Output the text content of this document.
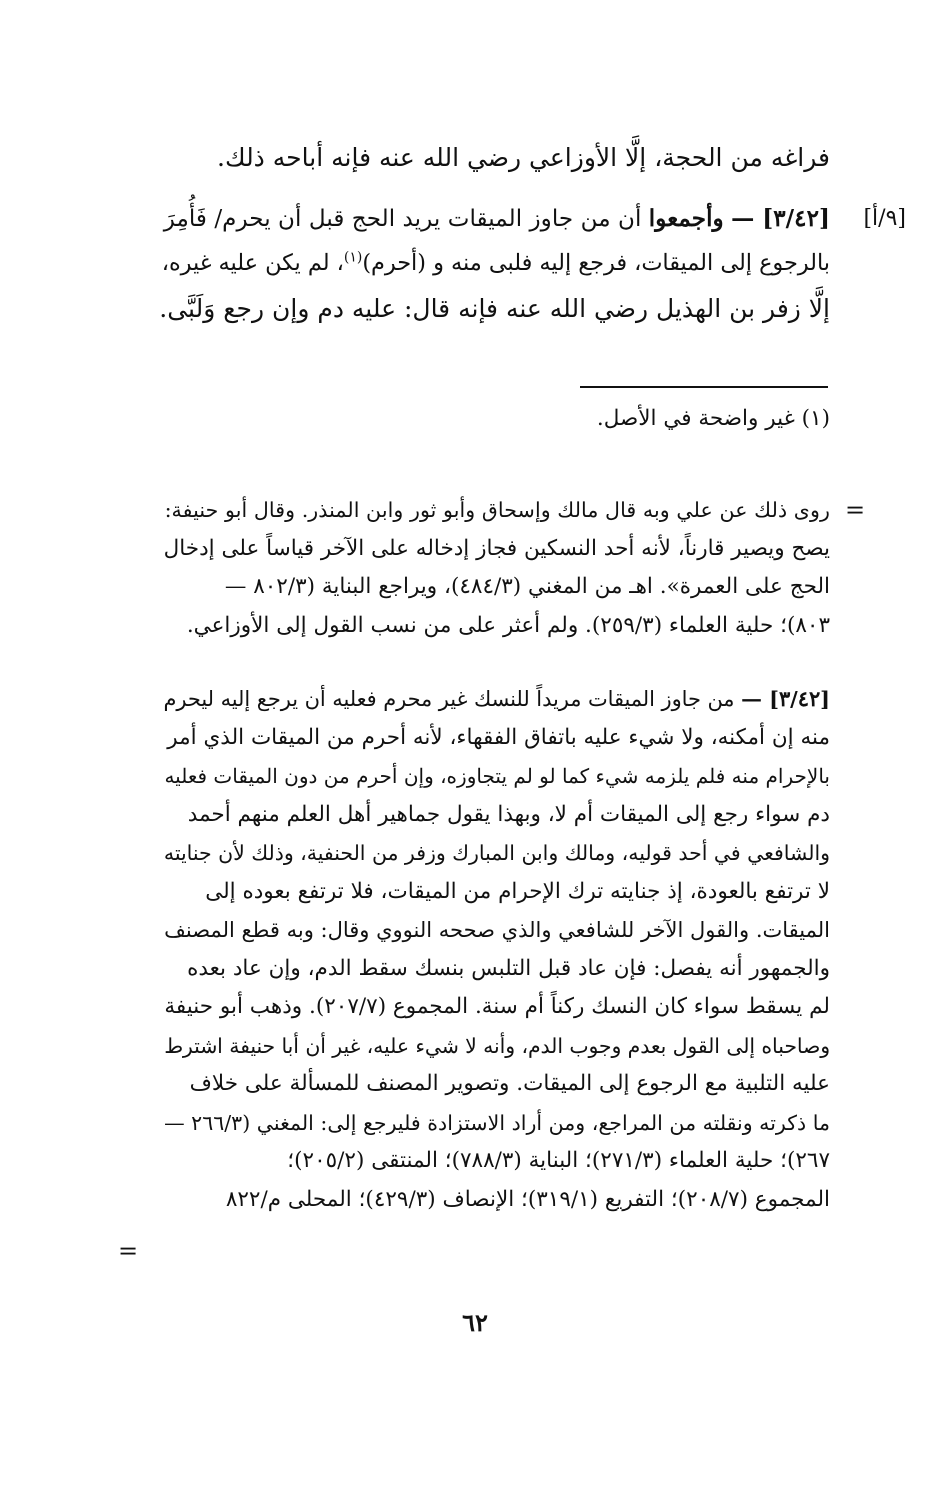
فراغه من الحجة، إلَّا الأوزاعي رضي الله عنه فإنه أباحه ذلك.

[٩/أ]

[٣/٤٢] — وأجمعوا أن من جاوز الميقات يريد الحج قبل أن يحرم/ فَأُمِرَ
بالرجوع إلى الميقات، فرجع إليه فلبى منه و (أحرم)$^{(١)}$، لم يكن عليه غيره،
إلَّا زفر بن الهذيل رضي الله عنه فإنه قال: عليه دم وإن رجع وَلَبَّى.

(١) غير واضحة في الأصل.

=

روى ذلك عن علي وبه قال مالك وإسحاق وأبو ثور وابن المنذر. وقال أبو حنيفة:
يصح ويصير قارناً، لأنه أحد النسكين فجاز إدخاله على الآخر قياساً على إدخال
الحج على العمرة». اهـ من المغني (٤٨٤/٣)، ويراجع البناية (٨٠٢/٣ —
٨٠٣)؛ حلية العلماء (٢٥٩/٣). ولم أعثر على من نسب القول إلى الأوزاعي.

[٣/٤٢] — من جاوز الميقات مريداً للنسك غير محرم فعليه أن يرجع إليه ليحرم
منه إن أمكنه، ولا شيء عليه باتفاق الفقهاء، لأنه أحرم من الميقات الذي أمر
بالإحرام منه فلم يلزمه شيء كما لو لم يتجاوزه، وإن أحرم من دون الميقات فعليه
دم سواء رجع إلى الميقات أم لا، وبهذا يقول جماهير أهل العلم منهم أحمد
والشافعي في أحد قوليه، ومالك وابن المبارك وزفر من الحنفية، وذلك لأن جنايته
لا ترتفع بالعودة، إذ جنايته ترك الإحرام من الميقات، فلا ترتفع بعوده إلى
الميقات. والقول الآخر للشافعي والذي صححه النووي وقال: وبه قطع المصنف
والجمهور أنه يفصل: فإن عاد قبل التلبس بنسك سقط الدم، وإن عاد بعده
لم يسقط سواء كان النسك ركناً أم سنة. المجموع (٢٠٧/٧). وذهب أبو حنيفة
وصاحباه إلى القول بعدم وجوب الدم، وأنه لا شيء عليه، غير أن أبا حنيفة اشترط
عليه التلبية مع الرجوع إلى الميقات. وتصوير المصنف للمسألة على خلاف
ما ذكرته ونقلته من المراجع، ومن أراد الاستزادة فليرجع إلى: المغني (٢٦٦/٣ —
٢٦٧)؛ حلية العلماء (٢٧١/٣)؛ البناية (٧٨٨/٣)؛ المنتقى (٢٠٥/٢)؛
المجموع (٢٠٨/٧)؛ التفريع (٣١٩/١)؛ الإنصاف (٤٢٩/٣)؛ المحلى م/٨٢٢

=
٦٢
